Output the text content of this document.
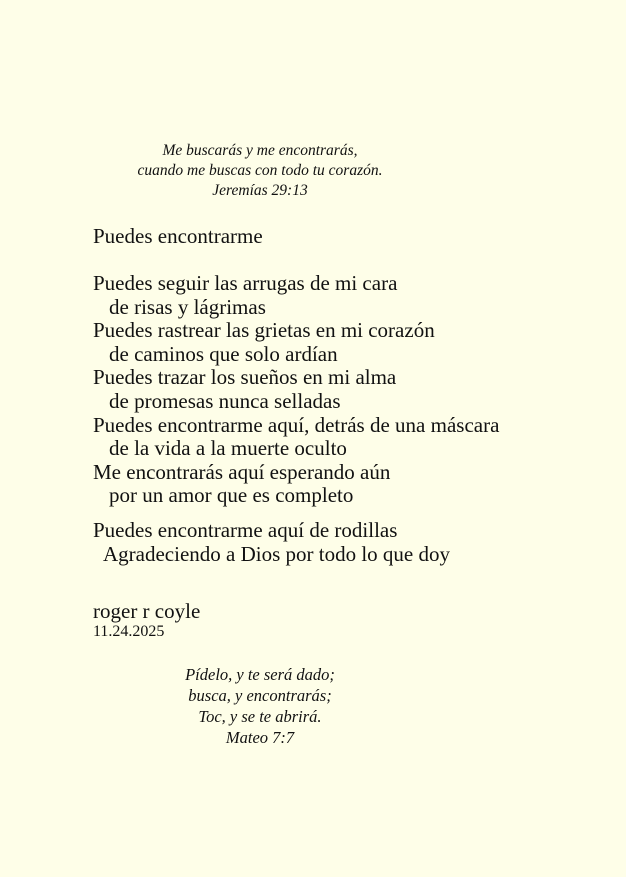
Me buscarás y me encontrarás,
cuando me buscas con todo tu corazón.
Jeremías 29:13
Puedes encontrarme
Puedes seguir las arrugas de mi cara
de risas y lágrimas
Puedes rastrear las grietas en mi corazón
de caminos que solo ardían
Puedes trazar los sueños en mi alma
de promesas nunca selladas
Puedes encontrarme aquí, detrás de una máscara
de la vida a la muerte oculto
Me encontrarás aquí esperando aún
por un amor que es completo
Puedes encontrarme aquí de rodillas
Agradeciendo a Dios por todo lo que doy
roger r coyle
11.24.2025
Pídelo, y te será dado;
busca, y encontrarás;
Toc, y se te abrirá.
Mateo 7:7
